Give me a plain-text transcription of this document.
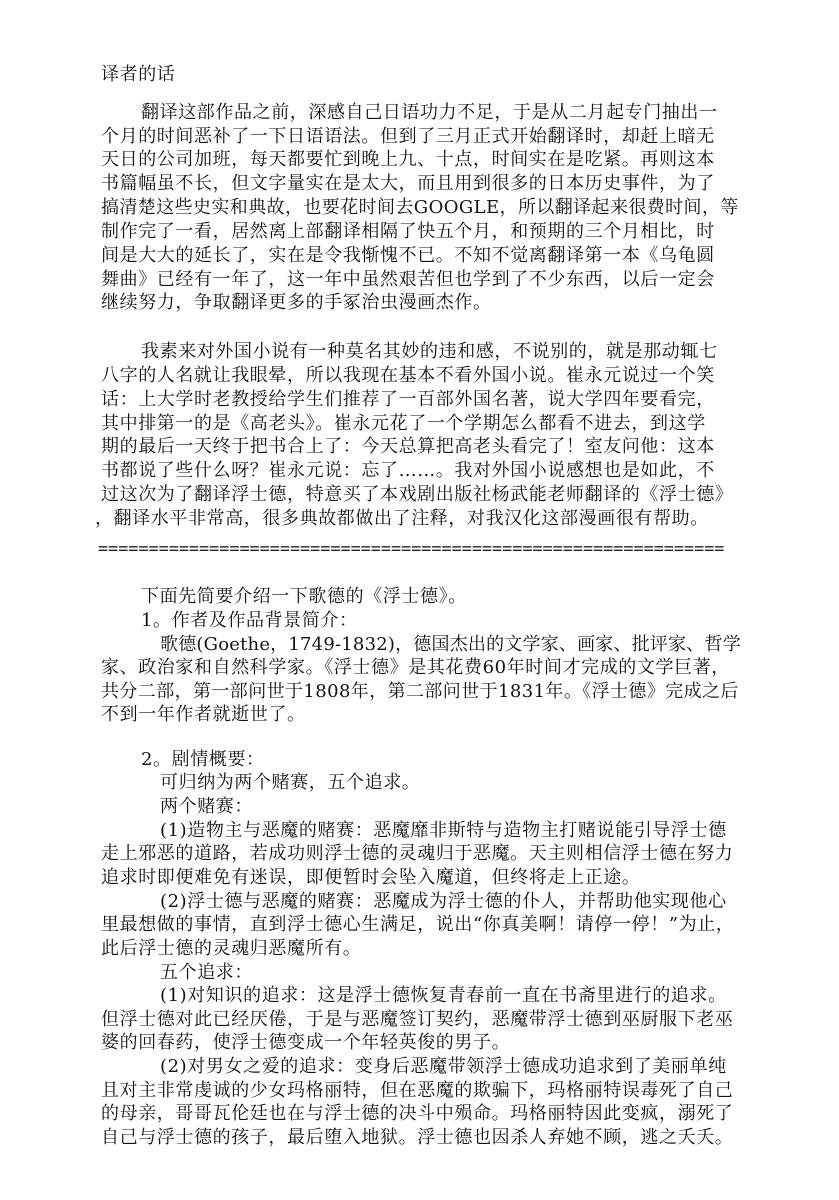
译者的话
翻译这部作品之前，深感自己日语功力不足，于是从二月起专门抽出一
个月的时间恶补了一下日语语法。但到了三月正式开始翻译时，却赶上暗无
天日的公司加班，每天都要忙到晚上九、十点，时间实在是吃紧。再则这本
书篇幅虽不长，但文字量实在是太大，而且用到很多的日本历史事件，为了
搞清楚这些史实和典故，也要花时间去GOOGLE，所以翻译起来很费时间，等
制作完了一看，居然离上部翻译相隔了快五个月，和预期的三个月相比，时
间是大大的延长了，实在是令我惭愧不已。不知不觉离翻译第一本《乌龟圆
舞曲》已经有一年了，这一年中虽然艰苦但也学到了不少东西，以后一定会
继续努力，争取翻译更多的手冢治虫漫画杰作。
我素来对外国小说有一种莫名其妙的违和感，不说别的，就是那动辄七
八字的人名就让我眼晕，所以我现在基本不看外国小说。崔永元说过一个笑
话：上大学时老教授给学生们推荐了一百部外国名著，说大学四年要看完，
其中排第一的是《高老头》。崔永元花了一个学期怎么都看不进去，到这学
期的最后一天终于把书合上了：今天总算把高老头看完了！室友问他：这本
书都说了些什么呀？崔永元说：忘了……。我对外国小说感想也是如此，不
过这次为了翻译浮士德，特意买了本戏剧出版社杨武能老师翻译的《浮士德》
，翻译水平非常高，很多典故都做出了注释，对我汉化这部漫画很有帮助。
==============================================================
下面先简要介绍一下歌德的《浮士德》。
1。作者及作品背景简介：
歌德(Goethe，1749-1832)，德国杰出的文学家、画家、批评家、哲学
家、政治家和自然科学家。《浮士德》是其花费60年时间才完成的文学巨著，
共分二部，第一部问世于1808年，第二部问世于1831年。《浮士德》完成之后
不到一年作者就逝世了。
2。剧情概要：
可归纳为两个赌赛，五个追求。
两个赌赛：
(1)造物主与恶魔的赌赛：恶魔靡非斯特与造物主打赌说能引导浮士德
走上邪恶的道路，若成功则浮士德的灵魂归于恶魔。天主则相信浮士德在努力
追求时即便难免有迷误，即便暂时会坠入魔道，但终将走上正途。
(2)浮士德与恶魔的赌赛：恶魔成为浮士德的仆人，并帮助他实现他心
里最想做的事情，直到浮士德心生满足，说出“你真美啊！请停一停！”为止，
此后浮士德的灵魂归恶魔所有。
五个追求：
(1)对知识的追求：这是浮士德恢复青春前一直在书斋里进行的追求。
但浮士德对此已经厌倦，于是与恶魔签订契约，恶魔带浮士德到巫厨服下老巫
婆的回春药，使浮士德变成一个年轻英俊的男子。
(2)对男女之爱的追求：变身后恶魔带领浮士德成功追求到了美丽单纯
且对主非常虔诚的少女玛格丽特，但在恶魔的欺骗下，玛格丽特误毒死了自己
的母亲，哥哥瓦伦廷也在与浮士德的决斗中殒命。玛格丽特因此变疯，溺死了
自己与浮士德的孩子，最后堕入地狱。浮士德也因杀人弃她不顾，逃之夭夭。
